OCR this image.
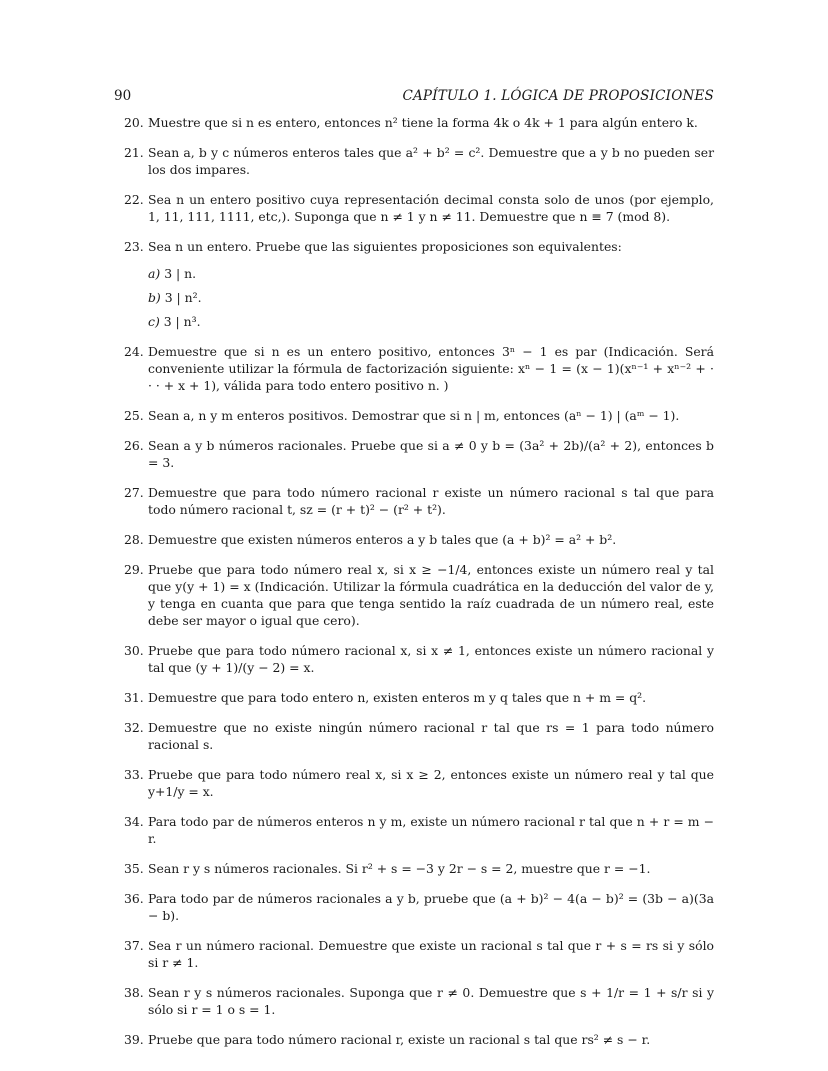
90	CAPÍTULO 1. LÓGICA DE PROPOSICIONES
20. Muestre que si n es entero, entonces n² tiene la forma 4k o 4k + 1 para algún entero k.
21. Sean a, b y c números enteros tales que a² + b² = c². Demuestre que a y b no pueden ser los dos impares.
22. Sea n un entero positivo cuya representación decimal consta solo de unos (por ejemplo, 1, 11, 111, 1111, etc,). Suponga que n ≠ 1 y n ≠ 11. Demuestre que n ≡ 7 (mod 8).
23. Sea n un entero. Pruebe que las siguientes proposiciones son equivalentes:
a) 3 | n.
b) 3 | n².
c) 3 | n³.
24. Demuestre que si n es un entero positivo, entonces 3ⁿ − 1 es par (Indicación. Será conveniente utilizar la fórmula de factorización siguiente: xⁿ − 1 = (x − 1)(xⁿ⁻¹ + xⁿ⁻² + · · · + x + 1), válida para todo entero positivo n. )
25. Sean a, n y m enteros positivos. Demostrar que si n | m, entonces (aⁿ − 1) | (aᵐ − 1).
26. Sean a y b números racionales. Pruebe que si a ≠ 0 y b = (3a² + 2b)/(a² + 2), entonces b = 3.
27. Demuestre que para todo número racional r existe un número racional s tal que para todo número racional t, sz = (r + t)² − (r² + t²).
28. Demuestre que existen números enteros a y b tales que (a + b)² = a² + b².
29. Pruebe que para todo número real x, si x ≥ −1/4, entonces existe un número real y tal que y(y + 1) = x (Indicación. Utilizar la fórmula cuadrática en la deducción del valor de y, y tenga en cuanta que para que tenga sentido la raíz cuadrada de un número real, este debe ser mayor o igual que cero).
30. Pruebe que para todo número racional x, si x ≠ 1, entonces existe un número racional y tal que (y + 1)/(y − 2) = x.
31. Demuestre que para todo entero n, existen enteros m y q tales que n + m = q².
32. Demuestre que no existe ningún número racional r tal que rs = 1 para todo número racional s.
33. Pruebe que para todo número real x, si x ≥ 2, entonces existe un número real y tal que y+1/y = x.
34. Para todo par de números enteros n y m, existe un número racional r tal que n + r = m − r.
35. Sean r y s números racionales. Si r² + s = −3 y 2r − s = 2, muestre que r = −1.
36. Para todo par de números racionales a y b, pruebe que (a + b)² − 4(a − b)² = (3b − a)(3a − b).
37. Sea r un número racional. Demuestre que existe un racional s tal que r + s = rs si y sólo si r ≠ 1.
38. Sean r y s números racionales. Suponga que r ≠ 0. Demuestre que s + 1/r = 1 + s/r si y sólo si r = 1 o s = 1.
39. Pruebe que para todo número racional r, existe un racional s tal que rs² ≠ s − r.
